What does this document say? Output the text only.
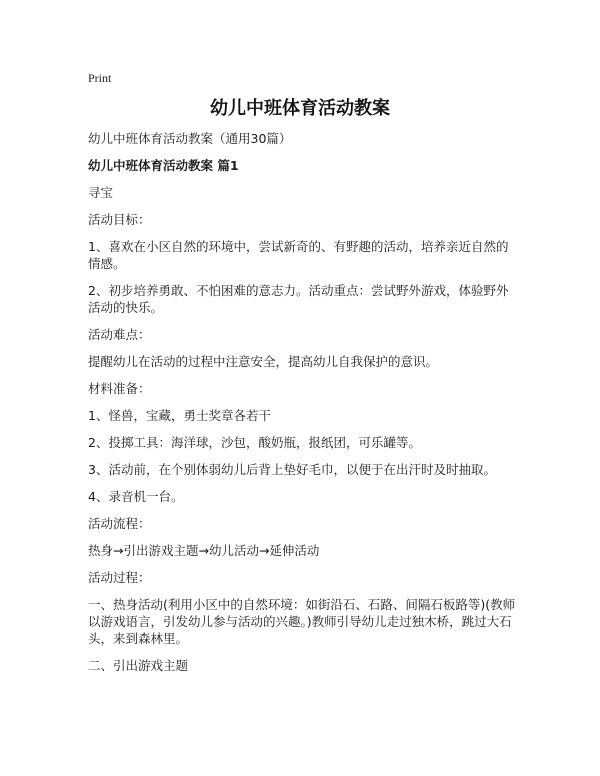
Print
幼儿中班体育活动教案

幼儿中班体育活动教案（通用30篇）

幼儿中班体育活动教案 篇1

寻宝

活动目标：

1、喜欢在小区自然的环境中，尝试新奇的、有野趣的活动，培养亲近自然的情感。

2、初步培养勇敢、不怕困难的意志力。活动重点：尝试野外游戏，体验野外活动的快乐。

活动难点：

提醒幼儿在活动的过程中注意安全，提高幼儿自我保护的意识。

材料准备：

1、怪兽，宝藏，勇士奖章各若干

2、投掷工具：海洋球，沙包，酸奶瓶，报纸团，可乐罐等。

3、活动前，在个别体弱幼儿后背上垫好毛巾，以便于在出汗时及时抽取。

4、录音机一台。

活动流程：

热身→引出游戏主题→幼儿活动→延伸活动

活动过程：

一、热身活动(利用小区中的自然环境：如街沿石、石路、间隔石板路等)(教师以游戏语言，引发幼儿参与活动的兴趣。)教师引导幼儿走过独木桥，跳过大石头，来到森林里。

二、引出游戏主题
